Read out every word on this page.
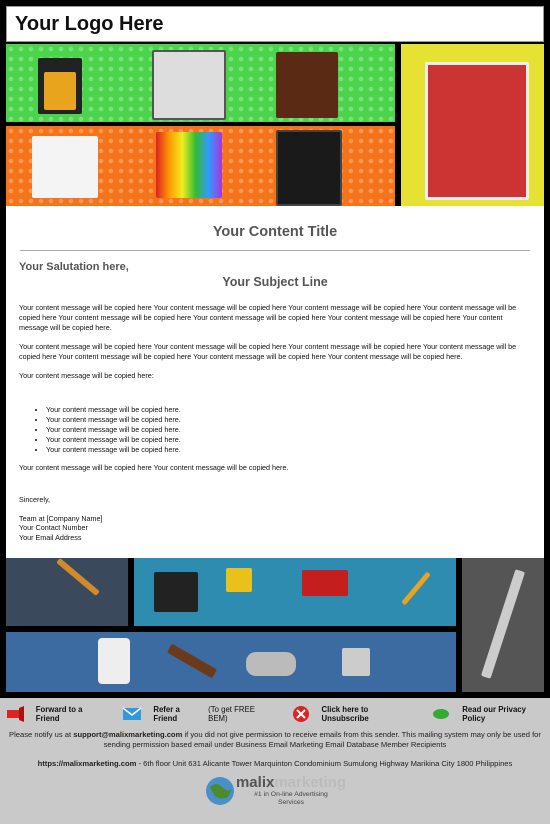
Your Logo Here
Your Content Title
Your Salutation here,
Your Subject Line
Your content message will be copied here Your content message will be copied here Your content message will be copied here Your content message will be copied here Your content message will be copied here Your content message will be copied here Your content message will be copied here Your content message will be copied here.
Your content message will be copied here Your content message will be copied here Your content message will be copied here Your content message will be copied here Your content message will be copied here Your content message will be copied here Your content message will be copied here.
Your content message will be copied here:
• Your content message will be copied here.
• Your content message will be copied here.
• Your content message will be copied here.
• Your content message will be copied here.
• Your content message will be copied here.
Your content message will be copied here Your content message will be copied here.
Sincerely,
Team at [Company Name]
Your Contact Number
Your Email Address
Forward to a Friend
Refer a Friend
(To get FREE BEM)
Click here to Unsubscribe
Read our Privacy Policy
Please notify us at support@malixmarketing.com if you did not give permission to receive emails from this sender. This mailing system may only be used for sending permission based email under Business Email Marketing Email Database Member Recipients
https://malixmarketing.com - 6th floor Unit 631 Alicante Tower Marquinton Condominium Sumulong Highway Marikina City 1800 Philippines
malixmarketing
#1 in On-line Advertising
Services
